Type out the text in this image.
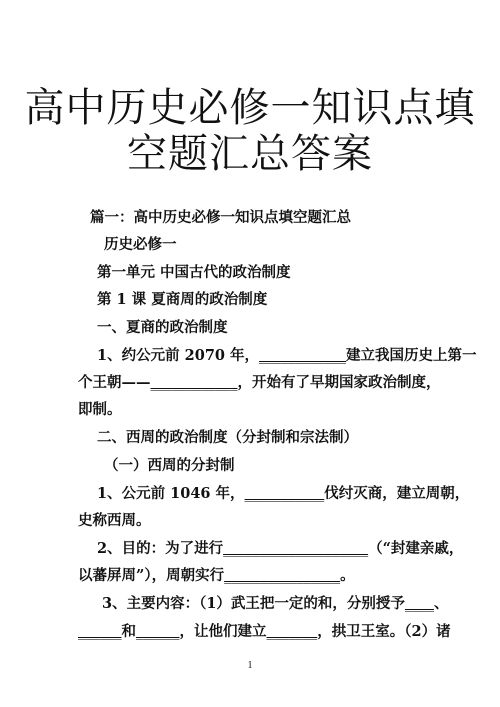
高中历史必修一知识点填
空题汇总答案
篇一：高中历史必修一知识点填空题汇总
历史必修一
第一单元 中国古代的政治制度
第 1 课 夏商周的政治制度
一、夏商的政治制度
1、约公元前 2070 年，____________建立我国历史上第一
个王朝——____________，开始有了早期国家政治制度，
即制。
二、西周的政治制度（分封制和宗法制）
（一）西周的分封制
1、公元前 1046 年，___________伐纣灭商，建立周朝，
史称西周。
2、目的：为了进行____________________（“封建亲戚，
以蕃屏周”），周朝实行________________。
3、主要内容：（1）武王把一定的和，分别授予____、
______和______，让他们建立_______，拱卫王室。（2）诸
1
